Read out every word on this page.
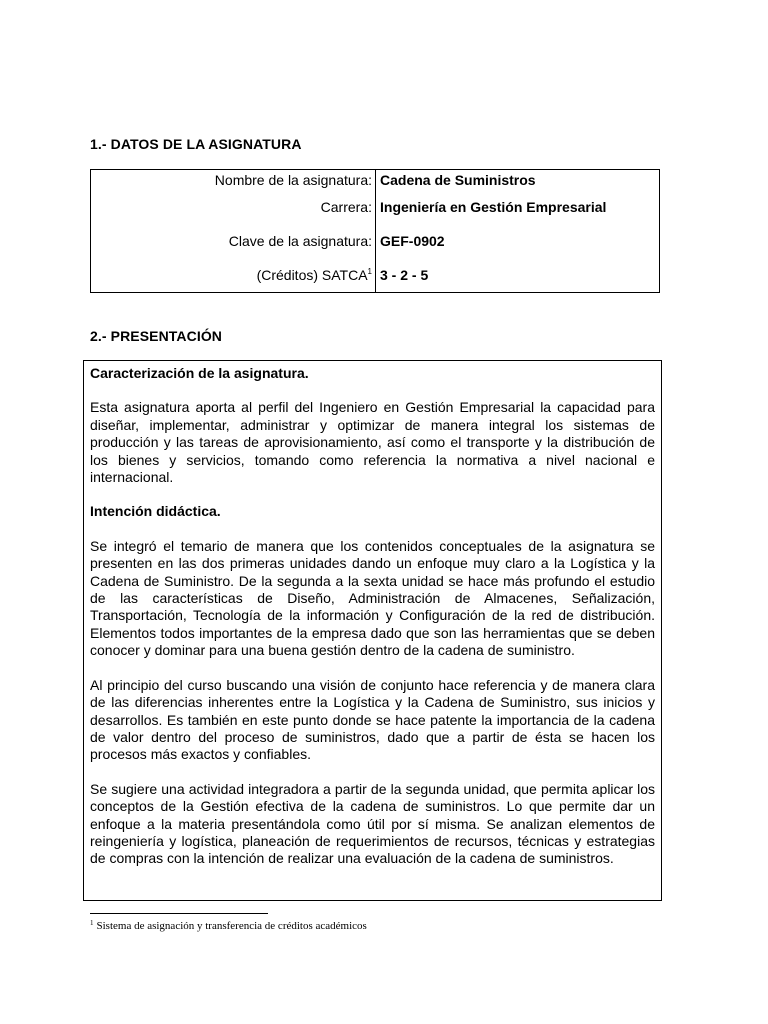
1.- DATOS DE LA ASIGNATURA
Nombre de la asignatura:	Cadena de Suministros
Carrera:	Ingeniería en Gestión Empresarial
Clave de la asignatura:	GEF-0902
(Créditos) SATCA$^1$	3 - 2 - 5
2.- PRESENTACIÓN

Caracterización de la asignatura.

Esta asignatura aporta al perfil del Ingeniero en Gestión Empresarial la capacidad para diseñar, implementar, administrar y optimizar de manera integral los sistemas de producción y las tareas de aprovisionamiento, así como el transporte y la distribución de los bienes y servicios, tomando como referencia la normativa a nivel nacional e internacional.

Intención didáctica.

Se integró el temario de manera que los contenidos conceptuales de la asignatura se presenten en las dos primeras unidades dando un enfoque muy claro a la Logística y la Cadena de Suministro. De la segunda a la sexta unidad se hace más profundo el estudio de las características de Diseño, Administración de Almacenes, Señalización, Transportación, Tecnología de la información y Configuración de la red de distribución. Elementos todos importantes de la empresa dado que son las herramientas que se deben conocer y dominar para una buena gestión dentro de la cadena de suministro.

Al principio del curso buscando una visión de conjunto hace referencia y de manera clara de las diferencias inherentes entre la Logística y la Cadena de Suministro, sus inicios y desarrollos. Es también en este punto donde se hace patente la importancia de la cadena de valor dentro del proceso de suministros, dado que a partir de ésta se hacen los procesos más exactos y confiables.

Se sugiere una actividad integradora a partir de la segunda unidad, que permita aplicar los conceptos de la Gestión efectiva de la cadena de suministros. Lo que permite dar un enfoque a la materia presentándola como útil por sí misma. Se analizan elementos de reingeniería y logística, planeación de requerimientos de recursos, técnicas y estrategias de compras con la intención de realizar una evaluación de la cadena de suministros.

$^1$ Sistema de asignación y transferencia de créditos académicos
